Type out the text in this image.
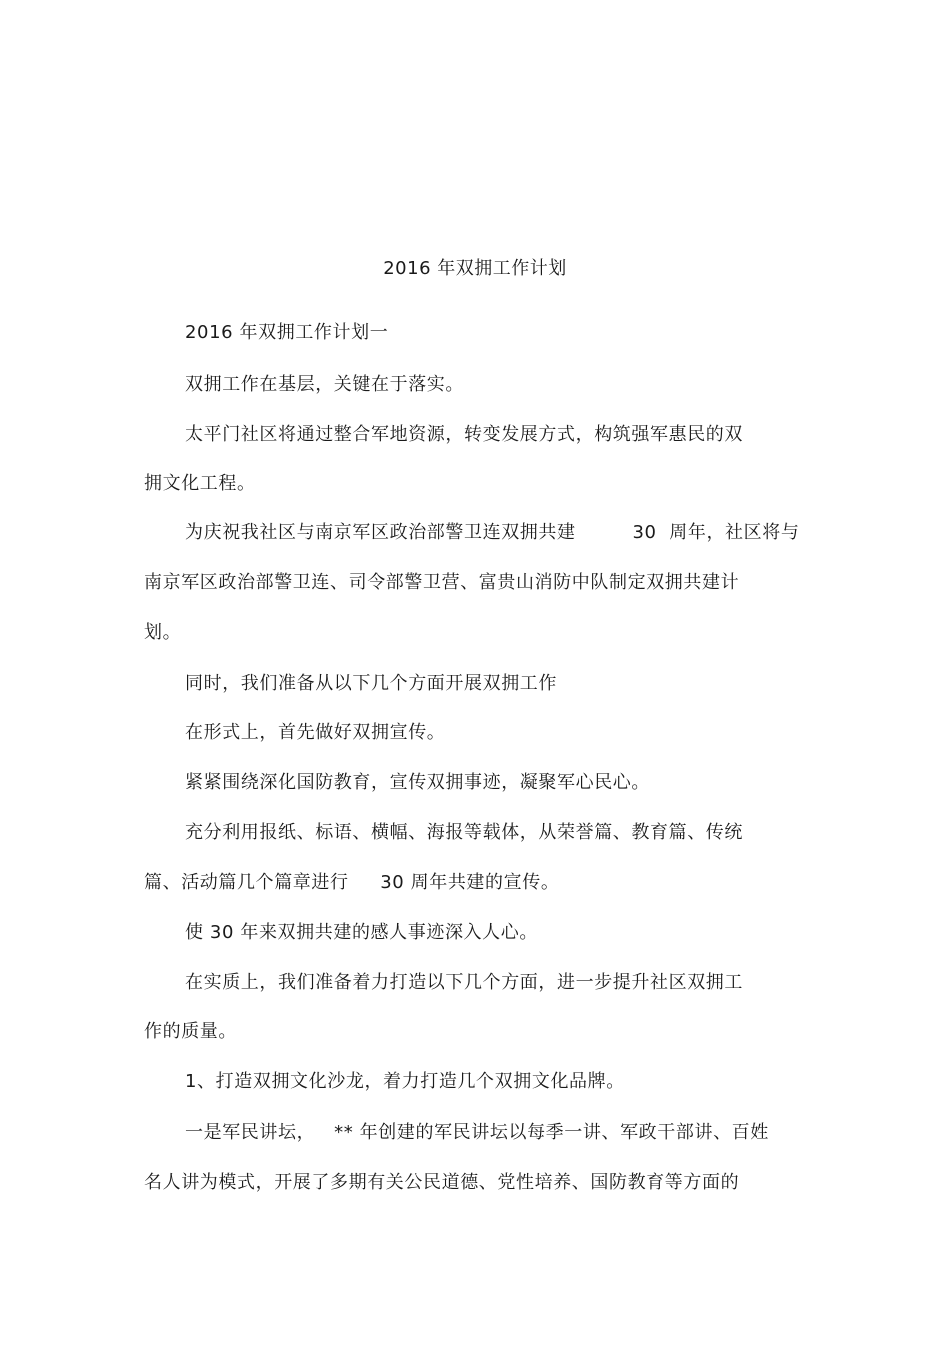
2016 年双拥工作计划
2016 年双拥工作计划一
双拥工作在基层，关键在于落实。
太平门社区将通过整合军地资源，转变发展方式，构筑强军惠民的双
拥文化工程。
为庆祝我社区与南京军区政治部警卫连双拥共建         30  周年，社区将与
南京军区政治部警卫连、司令部警卫营、富贵山消防中队制定双拥共建计
划。
同时，我们准备从以下几个方面开展双拥工作
在形式上，首先做好双拥宣传。
紧紧围绕深化国防教育，宣传双拥事迹，凝聚军心民心。
充分利用报纸、标语、横幅、海报等载体，从荣誉篇、教育篇、传统
篇、活动篇几个篇章进行     30 周年共建的宣传。
使 30 年来双拥共建的感人事迹深入人心。
在实质上，我们准备着力打造以下几个方面，进一步提升社区双拥工
作的质量。
1、打造双拥文化沙龙，着力打造几个双拥文化品牌。
一是军民讲坛，   ** 年创建的军民讲坛以每季一讲、军政干部讲、百姓
名人讲为模式，开展了多期有关公民道德、党性培养、国防教育等方面的
